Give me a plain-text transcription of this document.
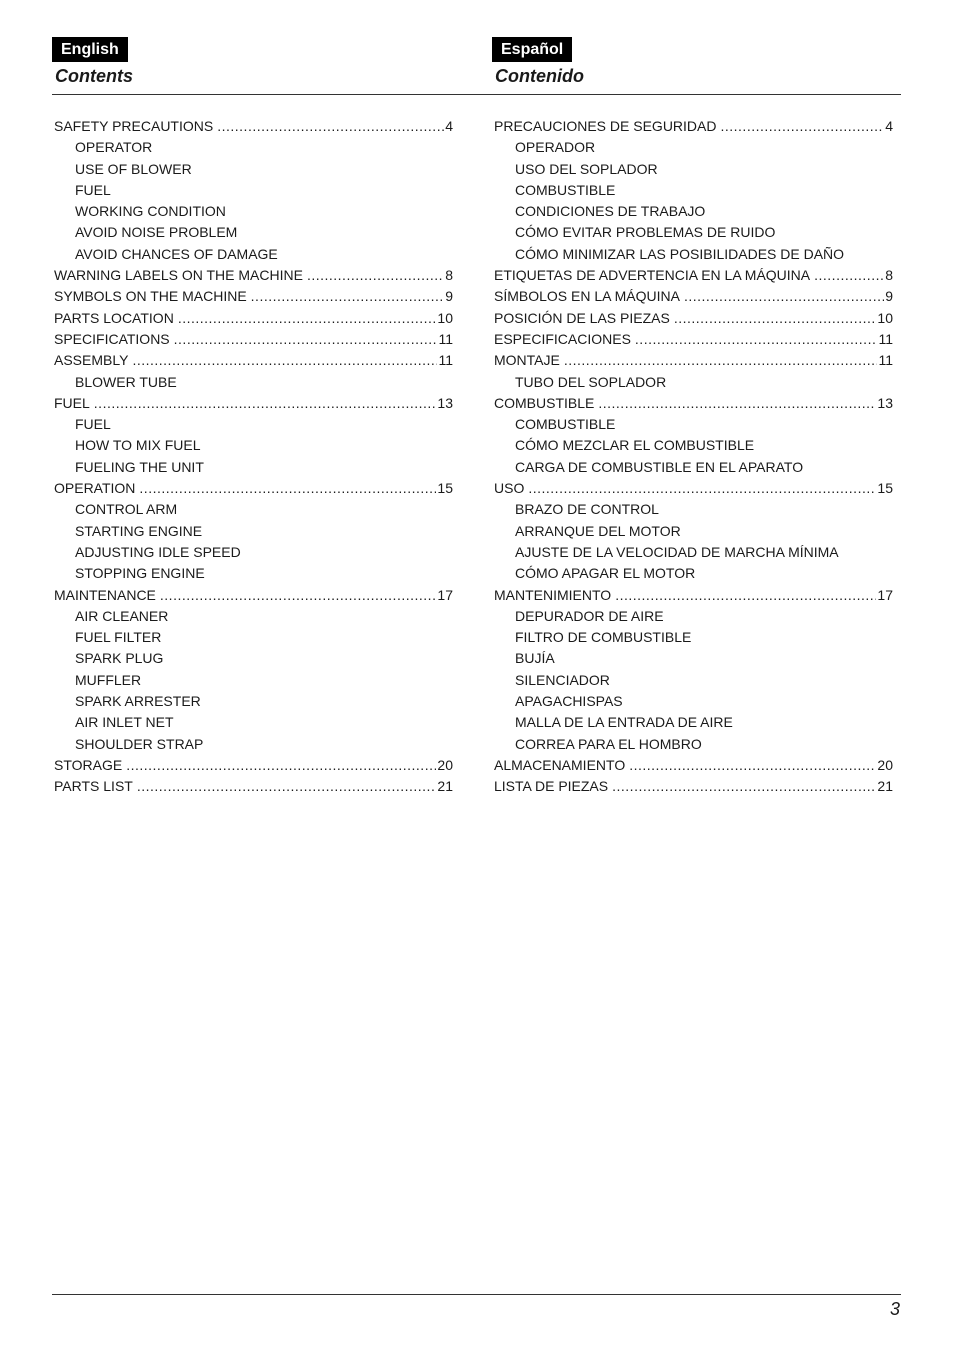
English
Contents
Español
Contenido
SAFETY PRECAUTIONS .....	4
OPERATOR
USE OF BLOWER
FUEL
WORKING CONDITION
AVOID NOISE PROBLEM
AVOID CHANCES OF DAMAGE
WARNING LABELS ON THE MACHINE .....	8
SYMBOLS ON THE MACHINE .....	9
PARTS LOCATION .....	10
SPECIFICATIONS .....	11
ASSEMBLY .....	11
BLOWER TUBE
FUEL .....	13
FUEL
HOW TO MIX FUEL
FUELING THE UNIT
OPERATION .....	15
CONTROL ARM
STARTING ENGINE
ADJUSTING IDLE SPEED
STOPPING ENGINE
MAINTENANCE .....	17
AIR CLEANER
FUEL FILTER
SPARK PLUG
MUFFLER
SPARK ARRESTER
AIR INLET NET
SHOULDER STRAP
STORAGE .....	20
PARTS LIST .....	21
PRECAUCIONES DE SEGURIDAD .....	4
OPERADOR
USO DEL SOPLADOR
COMBUSTIBLE
CONDICIONES DE TRABAJO
CÓMO EVITAR PROBLEMAS DE RUIDO
CÓMO MINIMIZAR LAS POSIBILIDADES DE DAÑO
ETIQUETAS DE ADVERTENCIA EN LA MÁQUINA .....	8
SÍMBOLOS EN LA MÁQUINA .....	9
POSICIÓN DE LAS PIEZAS .....	10
ESPECIFICACIONES .....	11
MONTAJE .....	11
TUBO DEL SOPLADOR
COMBUSTIBLE .....	13
COMBUSTIBLE
CÓMO MEZCLAR EL COMBUSTIBLE
CARGA DE COMBUSTIBLE EN EL APARATO
USO .....	15
BRAZO DE CONTROL
ARRANQUE DEL MOTOR
AJUSTE DE LA VELOCIDAD DE MARCHA MÍNIMA
CÓMO APAGAR EL MOTOR
MANTENIMIENTO .....	17
DEPURADOR DE AIRE
FILTRO DE COMBUSTIBLE
BUJÍA
SILENCIADOR
APAGACHISPAS
MALLA DE LA ENTRADA DE AIRE
CORREA PARA EL HOMBRO
ALMACENAMIENTO .....	20
LISTA DE PIEZAS .....	21
3
